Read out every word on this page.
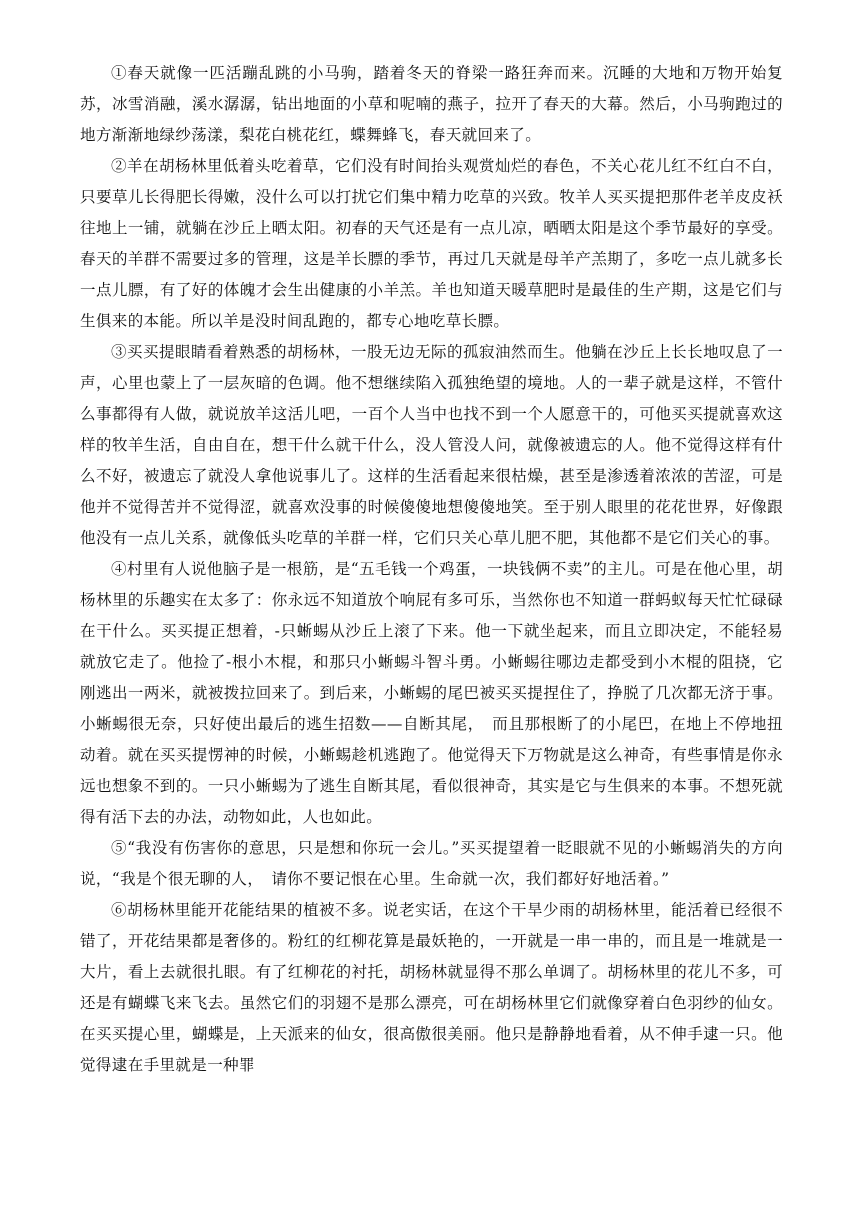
①春天就像一匹活蹦乱跳的小马驹，踏着冬天的脊梁一路狂奔而来。沉睡的大地和万物开始复苏，冰雪消融，溪水潺潺，钻出地面的小草和呢喃的燕子，拉开了春天的大幕。然后，小马驹跑过的地方渐渐地绿纱荡漾，梨花白桃花红，蝶舞蜂飞，春天就回来了。

②羊在胡杨林里低着头吃着草，它们没有时间抬头观赏灿烂的春色，不关心花儿红不红白不白，只要草儿长得肥长得嫩，没什么可以打扰它们集中精力吃草的兴致。牧羊人买买提把那件老羊皮皮袄往地上一铺，就躺在沙丘上晒太阳。初春的天气还是有一点儿凉，晒晒太阳是这个季节最好的享受。春天的羊群不需要过多的管理，这是羊长膘的季节，再过几天就是母羊产羔期了，多吃一点儿就多长一点儿膘，有了好的体魄才会生出健康的小羊羔。羊也知道天暖草肥时是最佳的生产期，这是它们与生俱来的本能。所以羊是没时间乱跑的，都专心地吃草长膘。

③买买提眼睛看着熟悉的胡杨林，一股无边无际的孤寂油然而生。他躺在沙丘上长长地叹息了一声，心里也蒙上了一层灰暗的色调。他不想继续陷入孤独绝望的境地。人的一辈子就是这样，不管什么事都得有人做，就说放羊这活儿吧，一百个人当中也找不到一个人愿意干的，可他买买提就喜欢这样的牧羊生活，自由自在，想干什么就干什么，没人管没人问，就像被遗忘的人。他不觉得这样有什么不好，被遗忘了就没人拿他说事儿了。这样的生活看起来很枯燥，甚至是渗透着浓浓的苦涩，可是他并不觉得苦并不觉得涩，就喜欢没事的时候傻傻地想傻傻地笑。至于别人眼里的花花世界，好像跟他没有一点儿关系，就像低头吃草的羊群一样，它们只关心草儿肥不肥，其他都不是它们关心的事。

④村里有人说他脑子是一根筋，是“五毛钱一个鸡蛋，一块钱俩不卖”的主儿。可是在他心里，胡杨林里的乐趣实在太多了：你永远不知道放个响屁有多可乐，当然你也不知道一群蚂蚁每天忙忙碌碌在干什么。买买提正想着，-只蜥蜴从沙丘上滚了下来。他一下就坐起来，而且立即决定，不能轻易就放它走了。他捡了-根小木棍，和那只小蜥蜴斗智斗勇。小蜥蜴往哪边走都受到小木棍的阻挠，它刚逃出一两米，就被拨拉回来了。到后来，小蜥蜴的尾巴被买买提捏住了，挣脱了几次都无济于事。小蜥蜴很无奈，只好使出最后的逃生招数——自断其尾，　而且那根断了的小尾巴，在地上不停地扭动着。就在买买提愣神的时候，小蜥蜴趁机逃跑了。他觉得天下万物就是这么神奇，有些事情是你永远也想象不到的。一只小蜥蜴为了逃生自断其尾，看似很神奇，其实是它与生俱来的本事。不想死就得有活下去的办法，动物如此，人也如此。

⑤“我没有伤害你的意思，只是想和你玩一会儿。”买买提望着一眨眼就不见的小蜥蜴消失的方向说，“我是个很无聊的人，　请你不要记恨在心里。生命就一次，我们都好好地活着。”

⑥胡杨林里能开花能结果的植被不多。说老实话，在这个干旱少雨的胡杨林里，能活着已经很不错了，开花结果都是奢侈的。粉红的红柳花算是最妖艳的，一开就是一串一串的，而且是一堆就是一大片，看上去就很扎眼。有了红柳花的衬托，胡杨林就显得不那么单调了。胡杨林里的花儿不多，可还是有蝴蝶飞来飞去。虽然它们的羽翅不是那么漂亮，可在胡杨林里它们就像穿着白色羽纱的仙女。在买买提心里，蝴蝶是，上天派来的仙女，很高傲很美丽。他只是静静地看着，从不伸手逮一只。他觉得逮在手里就是一种罪
